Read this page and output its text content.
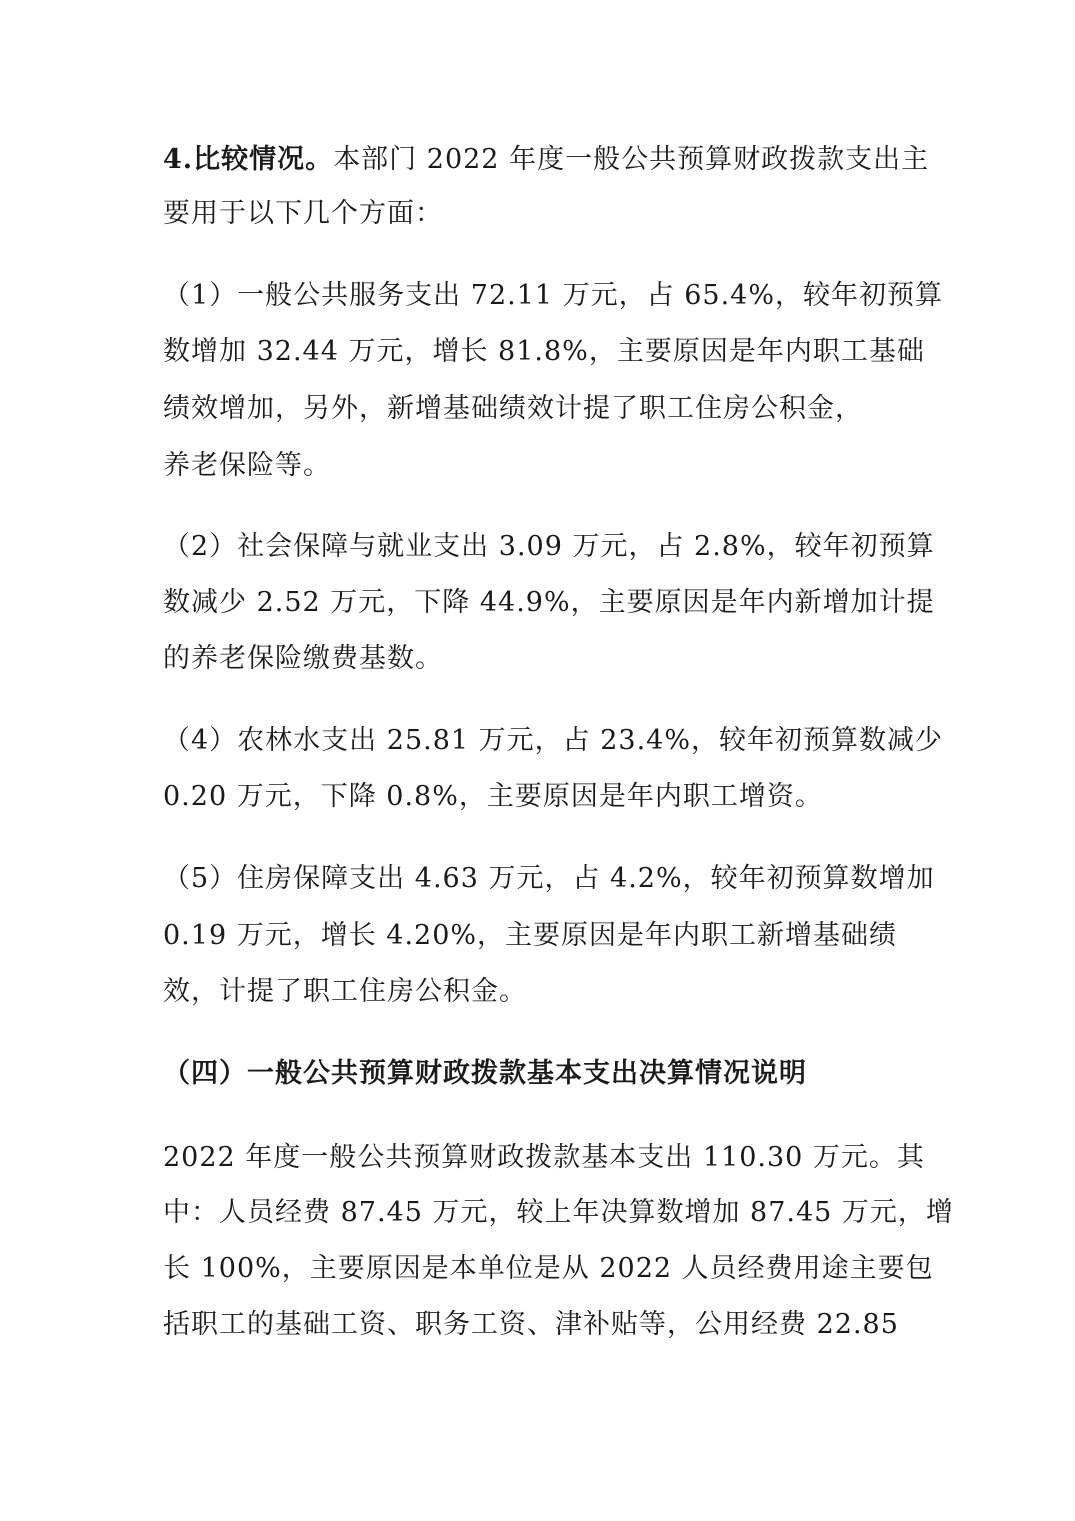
4.比较情况。本部门 2022 年度一般公共预算财政拨款支出主
要用于以下几个方面：
（1）一般公共服务支出 72.11 万元，占 65.4%，较年初预算
数增加 32.44 万元，增长 81.8%，主要原因是年内职工基础
绩效增加，另外，新增基础绩效计提了职工住房公积金，
养老保险等。
（2）社会保障与就业支出 3.09 万元，占 2.8%，较年初预算
数减少 2.52 万元，下降 44.9%，主要原因是年内新增加计提
的养老保险缴费基数。
（4）农林水支出 25.81 万元，占 23.4%，较年初预算数减少
0.20 万元，下降 0.8%，主要原因是年内职工增资。
（5）住房保障支出 4.63 万元，占 4.2%，较年初预算数增加
0.19 万元，增长 4.20%，主要原因是年内职工新增基础绩
效，计提了职工住房公积金。
（四）一般公共预算财政拨款基本支出决算情况说明
2022 年度一般公共预算财政拨款基本支出 110.30 万元。其
中：人员经费 87.45 万元，较上年决算数增加 87.45 万元，增
长 100%，主要原因是本单位是从 2022 人员经费用途主要包
括职工的基础工资、职务工资、津补贴等，公用经费 22.85
